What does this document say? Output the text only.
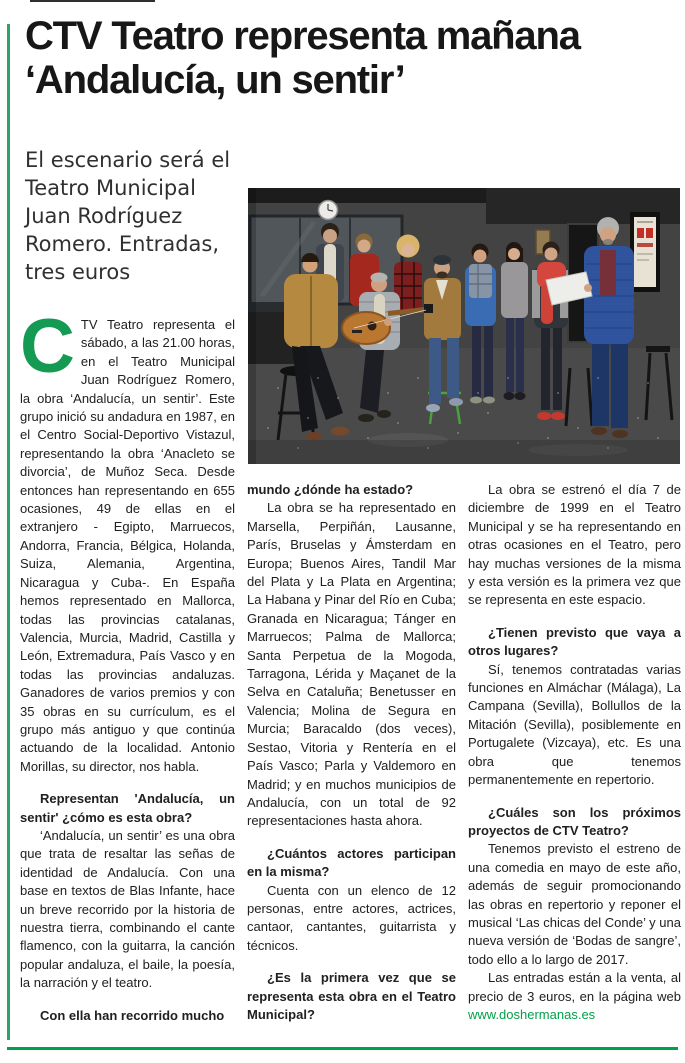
CTV Teatro representa mañana
‘Andalucía, un sentir’

El escenario será el Teatro Municipal Juan Rodríguez Romero. Entradas, tres euros

CTV Teatro representa el sábado, a las 21.00 horas, en el Teatro Municipal Juan Rodríguez Romero, la obra ‘Andalucía, un sentir’. Este grupo inició su andadura en 1987, en el Centro Social-Deportivo Vistazul, representando la obra ‘Anacleto se divorcia’, de Muñoz Seca. Desde entonces han representando en 655 ocasiones, 49 de ellas en el extranjero - Egipto, Marruecos, Andorra, Francia, Bélgica, Holanda, Suiza, Alemania, Argentina, Nicaragua y Cuba-. En España hemos representado en Mallorca, todas las provincias catalanas, Valencia, Murcia, Madrid, Castilla y León, Extremadura, País Vasco y en todas las provincias andaluzas. Ganadores de varios premios y con 35 obras en su currículum, es el grupo más antiguo y que continúa actuando de la localidad. Antonio Morillas, su director, nos habla.

Representan 'Andalucía, un sentir' ¿cómo es esta obra?

‘Andalucía, un sentir’ es una obra que trata de resaltar las señas de identidad de Andalucía. Con una base en textos de Blas Infante, hace un breve recorrido por la historia de nuestra tierra, combinando el cante flamenco, con la guitarra, la canción popular andaluza, el baile, la poesía, la narración y el teatro.

Con ella han recorrido mucho

mundo ¿dónde ha estado?

La obra se ha representado en Marsella, Perpiñán, Lausanne, París, Bruselas y Ámsterdam en Europa; Buenos Aires, Tandil Mar del Plata y La Plata en Argentina; La Habana y Pinar del Río en Cuba; Granada en Nicaragua; Tánger en Marruecos; Palma de Mallorca; Santa Perpetua de la Mogoda, Tarragona, Lérida y Maçanet de la Selva en Cataluña; Benetusser en Valencia; Molina de Segura en Murcia; Baracaldo (dos veces), Sestao, Vitoria y Rentería en el País Vasco; Parla y Valdemoro en Madrid; y en muchos municipios de Andalucía, con un total de 92 representaciones hasta ahora.

¿Cuántos actores participan en la misma?

Cuenta con un elenco de 12 personas, entre actores, actrices, cantaor, cantantes, guitarrista y técnicos.

¿Es la primera vez que se representa esta obra en el Teatro Municipal?

La obra se estrenó el día 7 de diciembre de 1999 en el Teatro Municipal y se ha representando en otras ocasiones en el Teatro, pero hay muchas versiones de la misma y esta versión es la primera vez que se representa en este espacio.

¿Tienen previsto que vaya a otros lugares?

Sí, tenemos contratadas varias funciones en Almáchar (Málaga), La Campana (Sevilla), Bollullos de la Mitación (Sevilla), posiblemente en Portugalete (Vizcaya), etc. Es una obra que tenemos permanentemente en repertorio.

¿Cuáles son los próximos proyectos de CTV Teatro?

Tenemos previsto el estreno de una comedia en mayo de este año, además de seguir promocionando las obras en repertorio y reponer el musical ‘Las chicas del Conde’ y una nueva versión de ‘Bodas de sangre’, todo ello a lo largo de 2017.

Las entradas están a la venta, al precio de 3 euros, en la página web www.doshermanas.es
